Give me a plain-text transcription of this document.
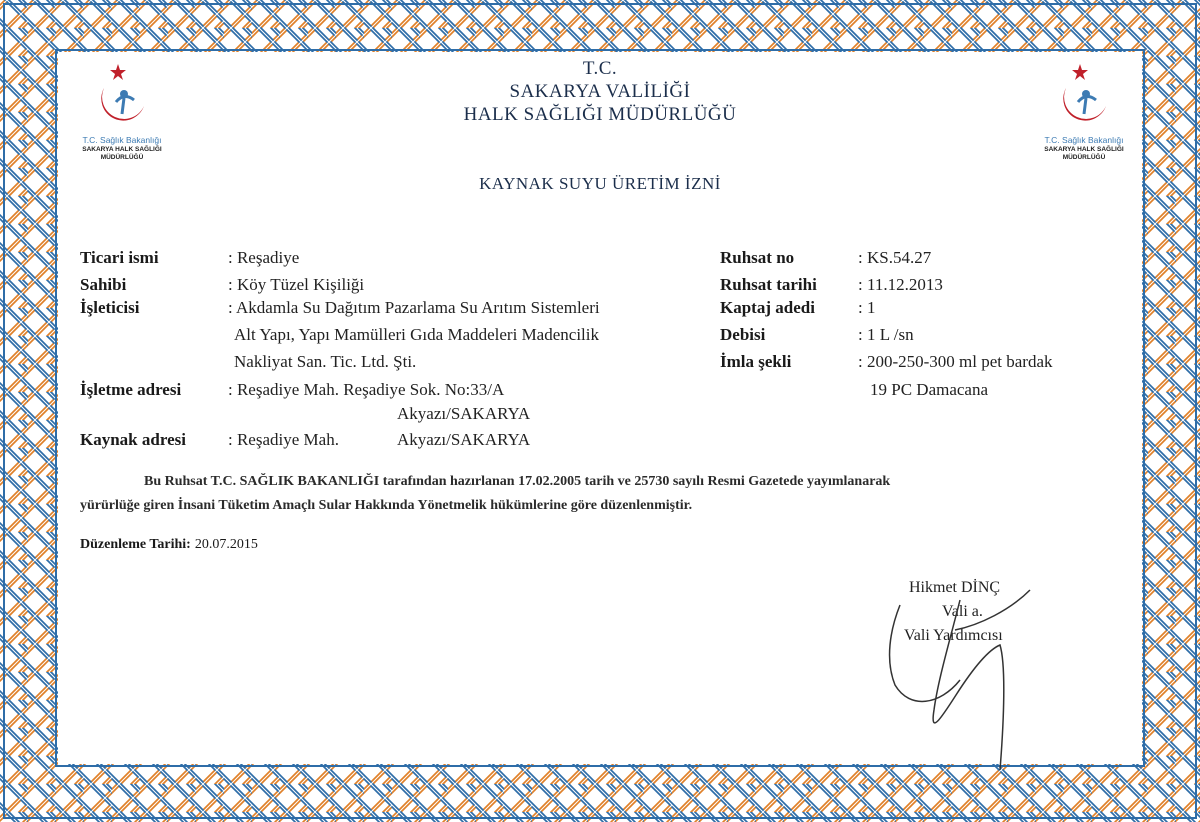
T.C. Sağlık Bakanlığı
SAKARYA HALK SAĞLIĞI
MÜDÜRLÜĞÜ
T.C. Sağlık Bakanlığı
SAKARYA HALK SAĞLIĞI
MÜDÜRLÜĞÜ
T.C.
SAKARYA VALİLİĞİ
HALK SAĞLIĞI MÜDÜRLÜĞÜ
KAYNAK SUYU ÜRETİM İZNİ
Ticari ismi	: Reşadiye
Sahibi	: Köy Tüzel Kişiliği
İşleticisi	: Akdamla Su Dağıtım Pazarlama Su Arıtım Sistemleri
Alt Yapı, Yapı Mamülleri Gıda Maddeleri Madencilik
Nakliyat San. Tic. Ltd. Şti.
İşletme adresi	: Reşadiye Mah. Reşadiye Sok. No:33/A
Akyazı/SAKARYA
Kaynak adresi : Reşadiye Mah.	Akyazı/SAKARYA
Ruhsat no	: KS.54.27
Ruhsat tarihi : 11.12.2013
Kaptaj adedi	: 1
Debisi	: 1 L /sn
İmla şekli	: 200-250-300 ml pet bardak
19 PC Damacana
Bu Ruhsat T.C. SAĞLIK BAKANLIĞI tarafından hazırlanan 17.02.2005 tarih ve 25730 sayılı Resmi Gazetede yayımlanarak
yürürlüğe giren İnsani Tüketim Amaçlı Sular Hakkında Yönetmelik hükümlerine göre düzenlenmiştir.
Düzenleme Tarihi: 20.07.2015
Hikmet DİNÇ
Vali a.
Vali Yardımcısı
